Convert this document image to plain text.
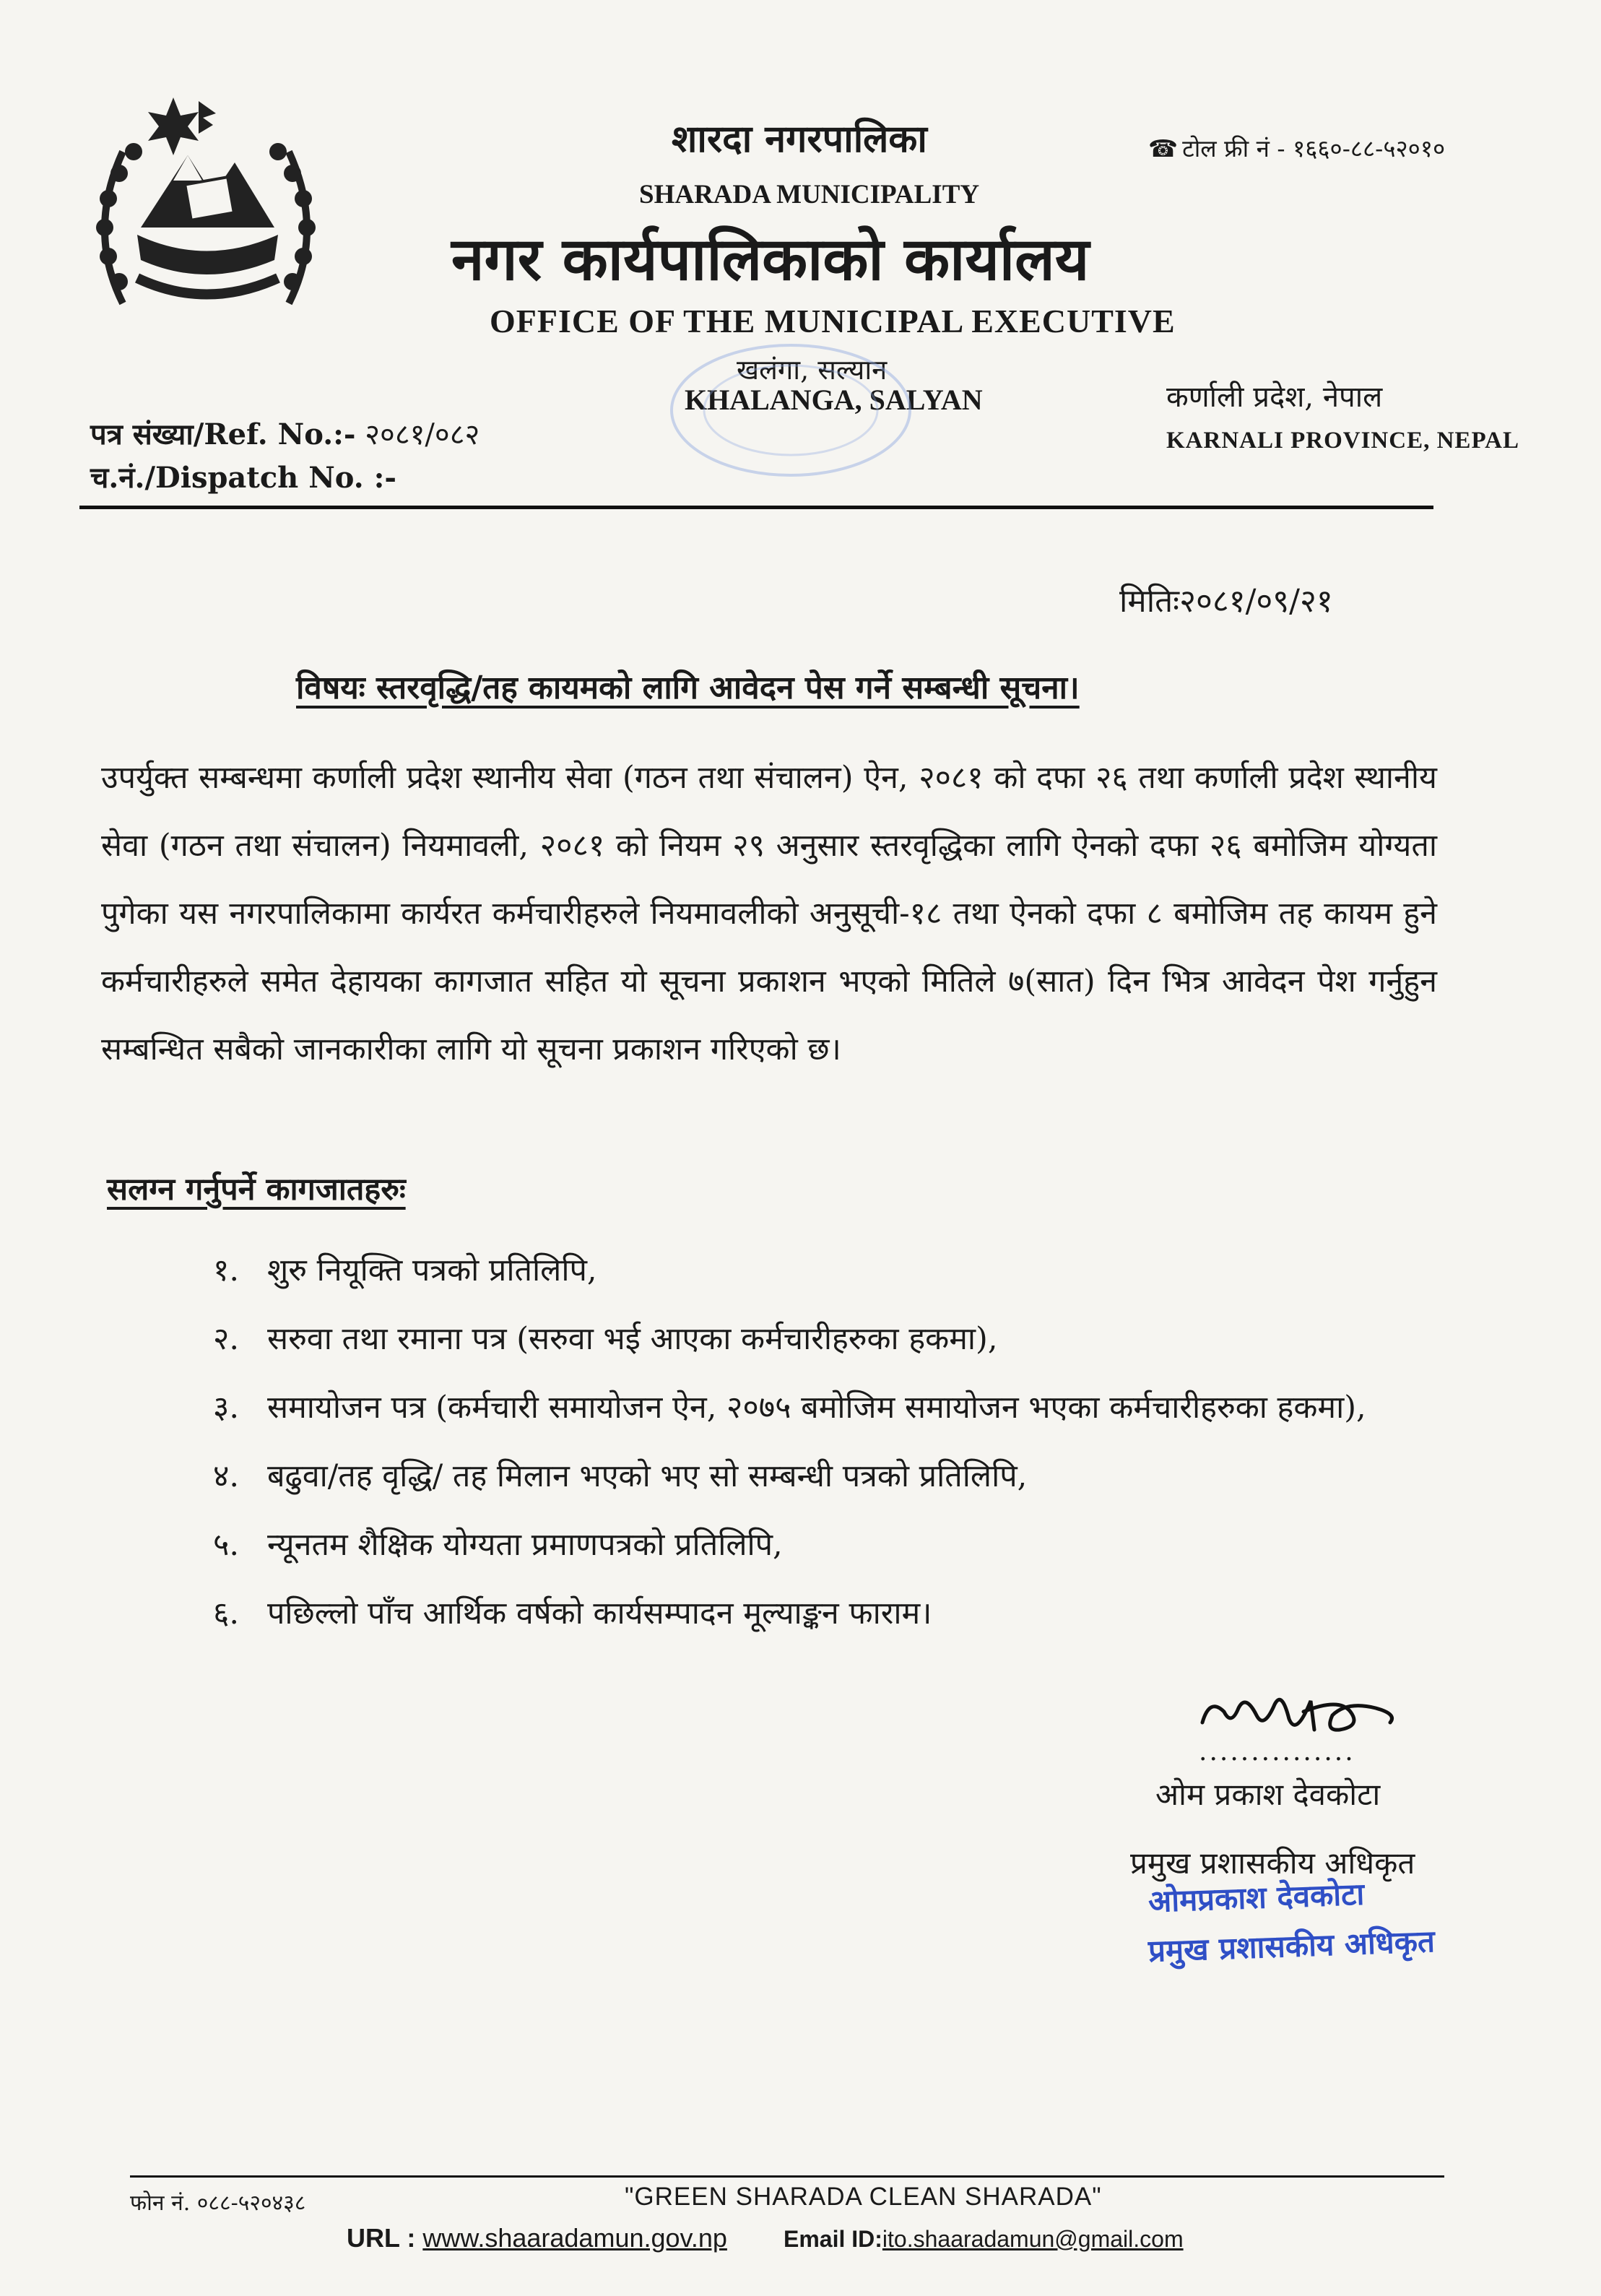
शारदा नगरपालिका
SHARADA MUNICIPALITY
नगर कार्यपालिकाको कार्यालय
OFFICE OF THE MUNICIPAL EXECUTIVE
खलंगा, सल्यान
KHALANGA, SALYAN
☎ टोल फ्री नं - १६६०-८८-५२०१०
कर्णाली प्रदेश, नेपाल
KARNALI PROVINCE, NEPAL
पत्र संख्या/Ref. No.:- २०८१/०८२
च.नं./Dispatch No. :-
मितिः२०८१/०९/२१
विषयः स्तरवृद्धि/तह कायमको लागि आवेदन पेस गर्ने सम्बन्धी सूचना।
उपर्युक्त सम्बन्धमा कर्णाली प्रदेश स्थानीय सेवा (गठन तथा संचालन) ऐन, २०८१ को दफा २६ तथा कर्णाली प्रदेश स्थानीय सेवा (गठन तथा संचालन) नियमावली, २०८१ को नियम २९ अनुसार स्तरवृद्धिका लागि ऐनको दफा २६ बमोजिम योग्यता पुगेका यस नगरपालिकामा कार्यरत कर्मचारीहरुले नियमावलीको अनुसूची-१८ तथा ऐनको दफा ८ बमोजिम तह कायम हुने कर्मचारीहरुले समेत देहायका कागजात सहित यो सूचना प्रकाशन भएको मितिले ७(सात) दिन भित्र आवेदन पेश गर्नुहुन सम्बन्धित सबैको जानकारीका लागि यो सूचना प्रकाशन गरिएको छ।
सलग्न गर्नुपर्ने कागजातहरुः
१. शुरु नियूक्ति पत्रको प्रतिलिपि,
२. सरुवा तथा रमाना पत्र (सरुवा भई आएका कर्मचारीहरुका हकमा),
३. समायोजन पत्र (कर्मचारी समायोजन ऐन, २०७५ बमोजिम समायोजन भएका कर्मचारीहरुका हकमा),
४. बढुवा/तह वृद्धि/ तह मिलान भएको भए सो सम्बन्धी पत्रको प्रतिलिपि,
५. न्यूनतम शैक्षिक योग्यता प्रमाणपत्रको प्रतिलिपि,
६. पछिल्लो पाँच आर्थिक वर्षको कार्यसम्पादन मूल्याङ्कन फाराम।
...............
ओम प्रकाश देवकोटा
प्रमुख प्रशासकीय अधिकृत
ओमप्रकाश देवकोटा
प्रमुख प्रशासकीय अधिकृत
फोन नं. ०८८-५२०४३८	"GREEN SHARADA CLEAN SHARADA"
URL : www.shaaradamun.gov.np Email ID:ito.shaaradamun@gmail.com
